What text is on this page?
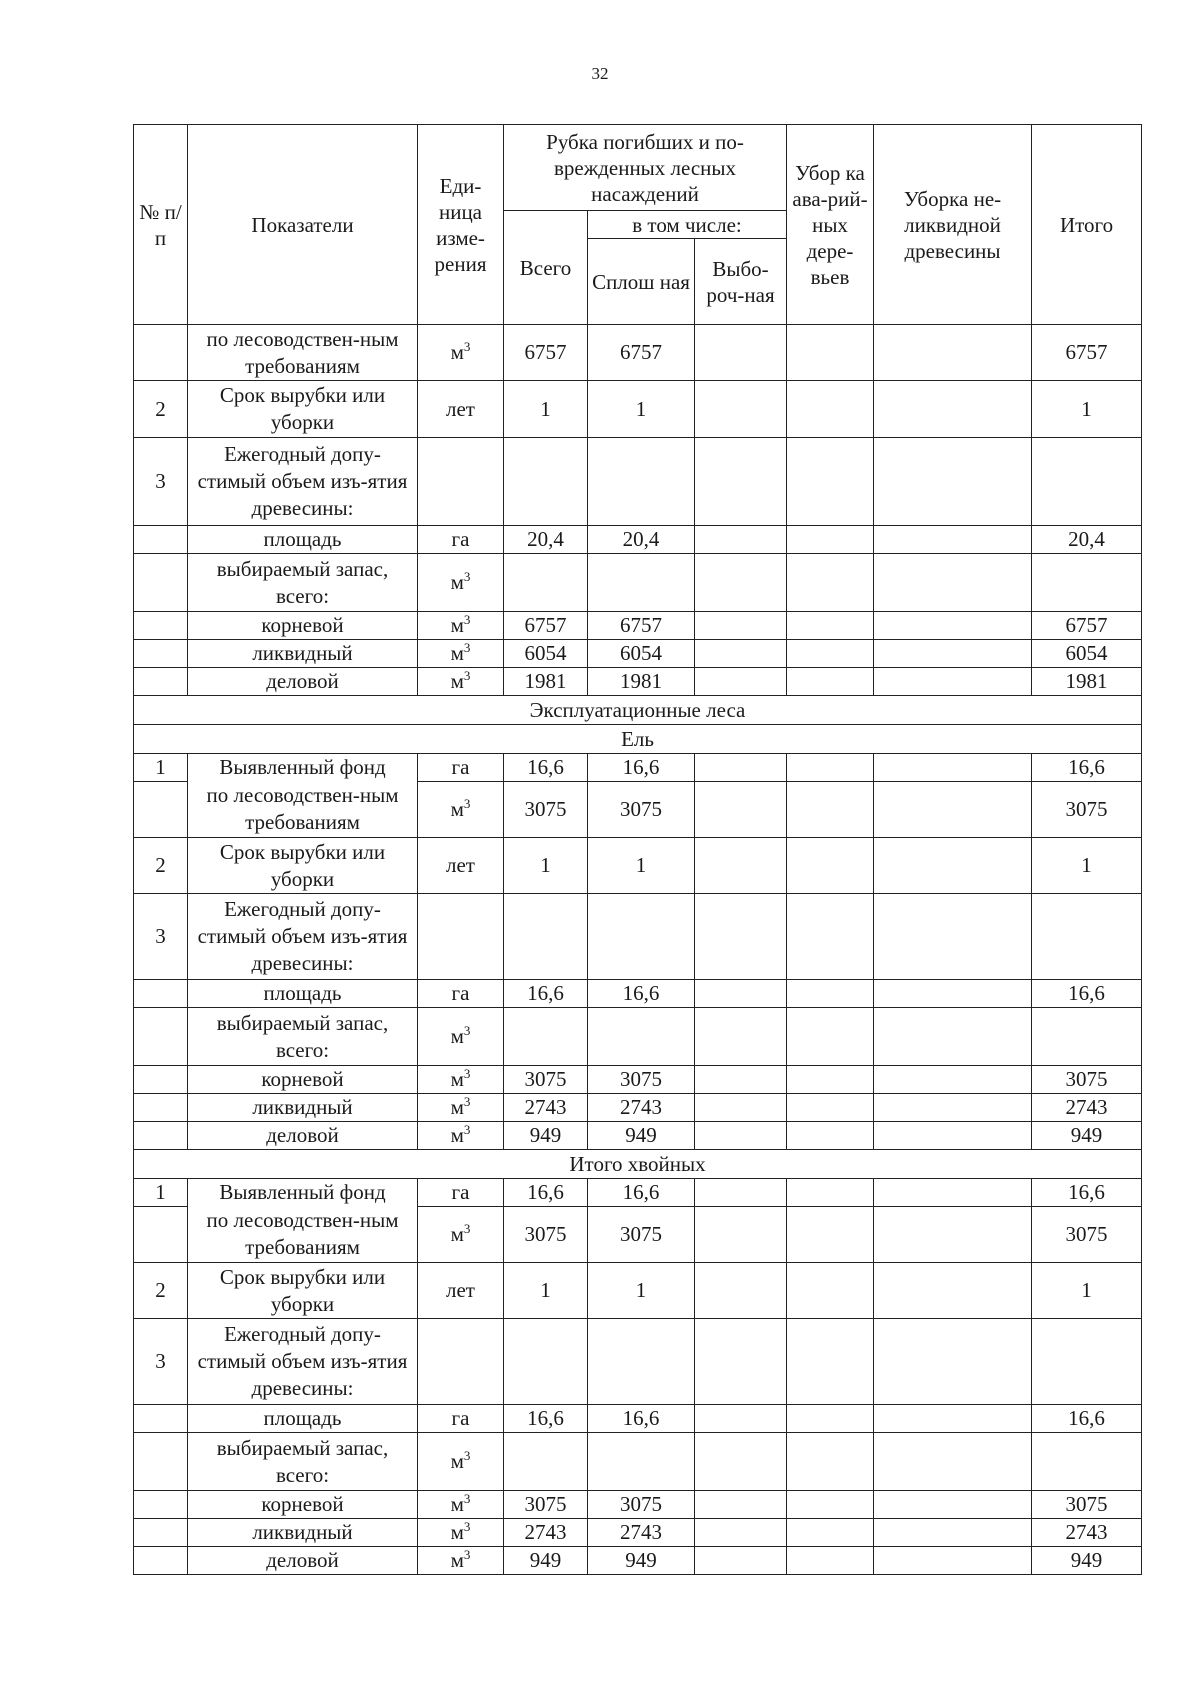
32
№ п/п	Показатели	Еди-ница изме-рения	Рубка погибших и по-врежденных лесных насаждений			Убор ка ава-рий-ных дере-вьев	Уборка не-ликвидной древесины	Итого
			Всего	в том числе:				
				Сплош ная	Выбо-роч-ная			
	по лесоводствен-ным требованиям	$м^3$	6757	6757				6757
2	Срок вырубки или уборки	лет	1	1				1
3	Ежегодный допу-стимый объем изъ-ятия древесины:							
	площадь	га	20,4	20,4				20,4
	выбираемый запас, всего:	$м^3$						
	корневой	$м^3$	6757	6757				6757
	ликвидный	$м^3$	6054	6054				6054
	деловой	$м^3$	1981	1981				1981
Эксплуатационные леса								
Ель								
1	Выявленный фонд	га	16,6	16,6				16,6
	по лесоводствен-ным требованиям	$м^3$	3075	3075				3075
2	Срок вырубки или уборки	лет	1	1				1
3	Ежегодный допу-стимый объем изъ-ятия древесины:							
	площадь	га	16,6	16,6				16,6
	выбираемый запас, всего:	$м^3$						
	корневой	$м^3$	3075	3075				3075
	ликвидный	$м^3$	2743	2743				2743
	деловой	$м^3$	949	949				949
Итого хвойных								
1	Выявленный фонд	га	16,6	16,6				16,6
	по лесоводствен-ным требованиям	$м^3$	3075	3075				3075
2	Срок вырубки или уборки	лет	1	1				1
3	Ежегодный допу-стимый объем изъ-ятия древесины:							
	площадь	га	16,6	16,6				16,6
	выбираемый запас, всего:	$м^3$						
	корневой	$м^3$	3075	3075				3075
	ликвидный	$м^3$	2743	2743				2743
	деловой	$м^3$	949	949				949
